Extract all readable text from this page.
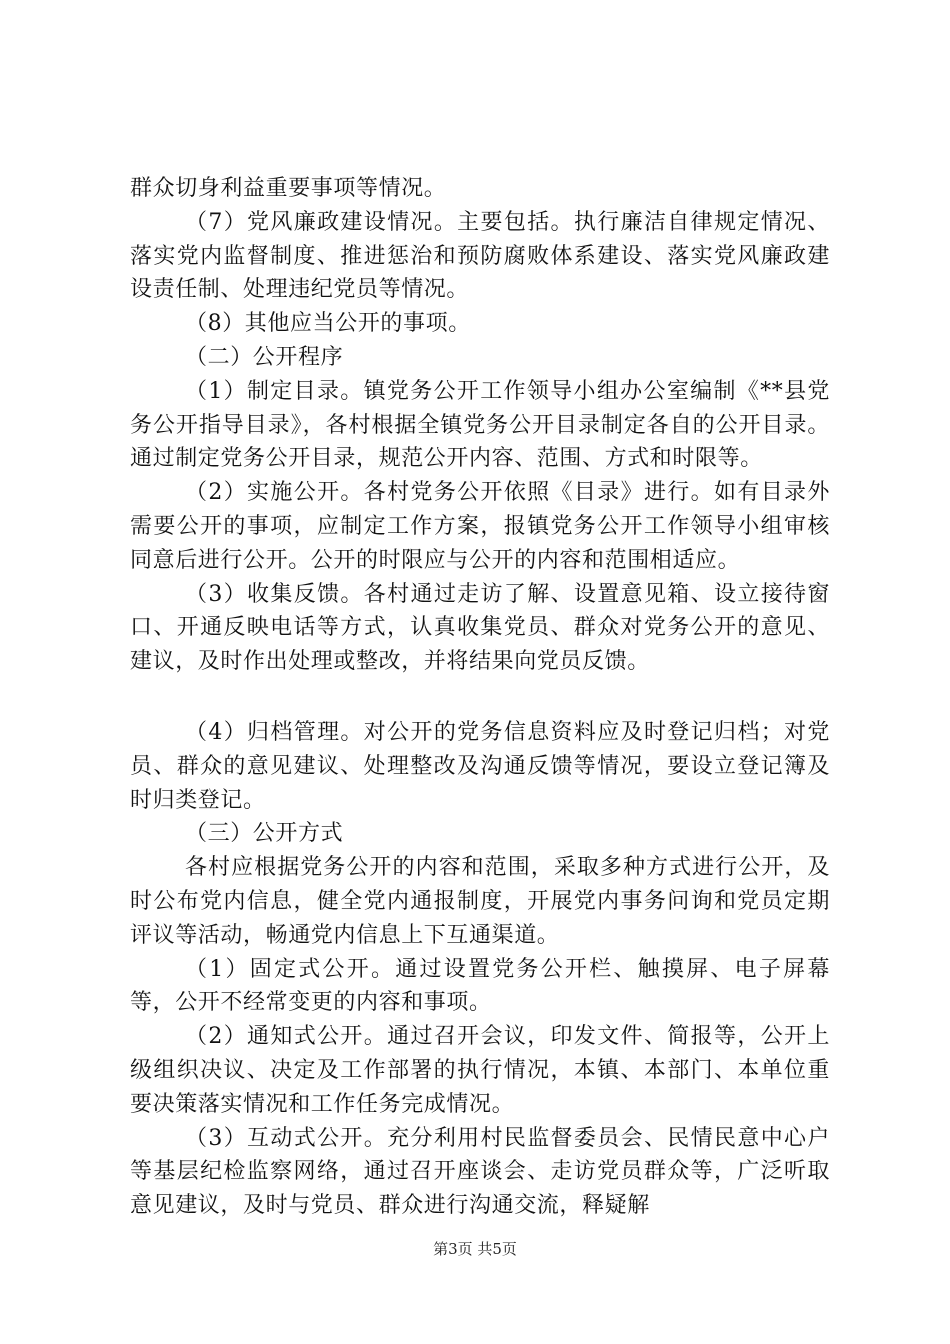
群众切身利益重要事项等情况。

（7）党风廉政建设情况。主要包括。执行廉洁自律规定情况、落实党内监督制度、推进惩治和预防腐败体系建设、落实党风廉政建设责任制、处理违纪党员等情况。

（8）其他应当公开的事项。

（二）公开程序

（1）制定目录。镇党务公开工作领导小组办公室编制《**县党务公开指导目录》，各村根据全镇党务公开目录制定各自的公开目录。通过制定党务公开目录，规范公开内容、范围、方式和时限等。

（2）实施公开。各村党务公开依照《目录》进行。如有目录外需要公开的事项，应制定工作方案，报镇党务公开工作领导小组审核同意后进行公开。公开的时限应与公开的内容和范围相适应。

（3）收集反馈。各村通过走访了解、设置意见箱、设立接待窗口、开通反映电话等方式，认真收集党员、群众对党务公开的意见、建议，及时作出处理或整改，并将结果向党员反馈。

（4）归档管理。对公开的党务信息资料应及时登记归档；对党员、群众的意见建议、处理整改及沟通反馈等情况，要设立登记簿及时归类登记。

（三）公开方式

各村应根据党务公开的内容和范围，采取多种方式进行公开，及时公布党内信息，健全党内通报制度，开展党内事务问询和党员定期评议等活动，畅通党内信息上下互通渠道。

（1）固定式公开。通过设置党务公开栏、触摸屏、电子屏幕等，公开不经常变更的内容和事项。

（2）通知式公开。通过召开会议，印发文件、简报等，公开上级组织决议、决定及工作部署的执行情况，本镇、本部门、本单位重要决策落实情况和工作任务完成情况。

（3）互动式公开。充分利用村民监督委员会、民情民意中心户等基层纪检监察网络，通过召开座谈会、走访党员群众等，广泛听取意见建议，及时与党员、群众进行沟通交流，释疑解

第3页 共5页
